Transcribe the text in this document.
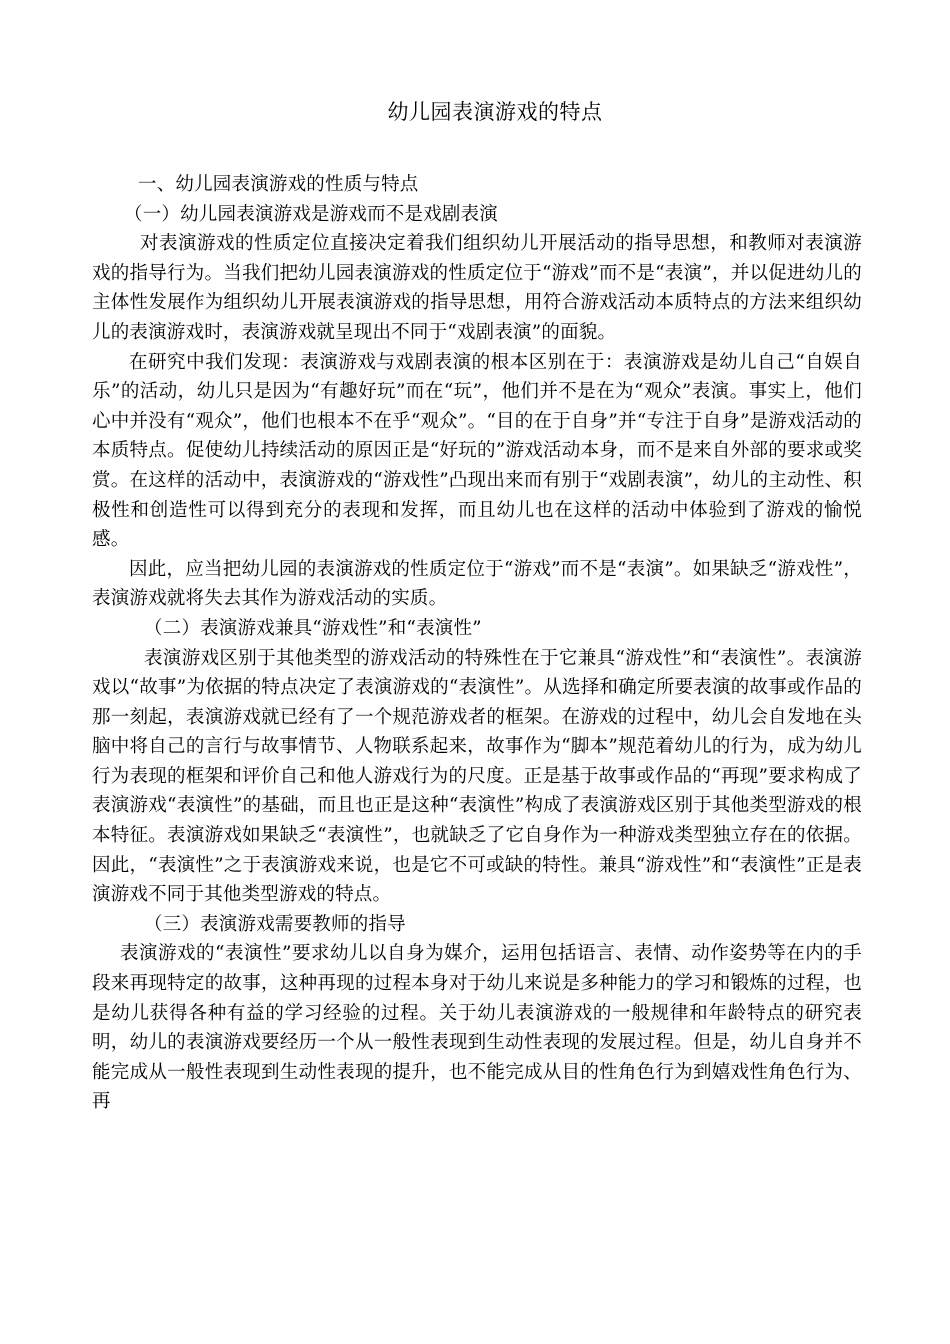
幼儿园表演游戏的特点

一、幼儿园表演游戏的性质与特点

（一）幼儿园表演游戏是游戏而不是戏剧表演

对表演游戏的性质定位直接决定着我们组织幼儿开展活动的指导思想，和教师对表演游戏的指导行为。当我们把幼儿园表演游戏的性质定位于“游戏”而不是“表演”，并以促进幼儿的主体性发展作为组织幼儿开展表演游戏的指导思想，用符合游戏活动本质特点的方法来组织幼儿的表演游戏时，表演游戏就呈现出不同于“戏剧表演”的面貌。

在研究中我们发现：表演游戏与戏剧表演的根本区别在于：表演游戏是幼儿自己“自娱自乐”的活动，幼儿只是因为“有趣好玩”而在“玩”，他们并不是在为“观众”表演。事实上，他们心中并没有“观众”，他们也根本不在乎“观众”。“目的在于自身”并“专注于自身”是游戏活动的本质特点。促使幼儿持续活动的原因正是“好玩的”游戏活动本身，而不是来自外部的要求或奖赏。在这样的活动中，表演游戏的“游戏性”凸现出来而有别于“戏剧表演”，幼儿的主动性、积极性和创造性可以得到充分的表现和发挥，而且幼儿也在这样的活动中体验到了游戏的愉悦感。

因此，应当把幼儿园的表演游戏的性质定位于“游戏”而不是“表演”。如果缺乏“游戏性”，表演游戏就将失去其作为游戏活动的实质。

（二）表演游戏兼具“游戏性”和“表演性”

表演游戏区别于其他类型的游戏活动的特殊性在于它兼具“游戏性”和“表演性”。表演游戏以“故事”为依据的特点决定了表演游戏的“表演性”。从选择和确定所要表演的故事或作品的那一刻起，表演游戏就已经有了一个规范游戏者的框架。在游戏的过程中，幼儿会自发地在头脑中将自己的言行与故事情节、人物联系起来，故事作为“脚本”规范着幼儿的行为，成为幼儿行为表现的框架和评价自己和他人游戏行为的尺度。正是基于故事或作品的“再现”要求构成了表演游戏“表演性”的基础，而且也正是这种“表演性”构成了表演游戏区别于其他类型游戏的根本特征。表演游戏如果缺乏“表演性”，也就缺乏了它自身作为一种游戏类型独立存在的依据。因此，“表演性”之于表演游戏来说，也是它不可或缺的特性。兼具“游戏性”和“表演性”正是表演游戏不同于其他类型游戏的特点。

（三）表演游戏需要教师的指导

表演游戏的“表演性”要求幼儿以自身为媒介，运用包括语言、表情、动作姿势等在内的手段来再现特定的故事，这种再现的过程本身对于幼儿来说是多种能力的学习和锻炼的过程，也是幼儿获得各种有益的学习经验的过程。关于幼儿表演游戏的一般规律和年龄特点的研究表明，幼儿的表演游戏要经历一个从一般性表现到生动性表现的发展过程。但是，幼儿自身并不能完成从一般性表现到生动性表现的提升，也不能完成从目的性角色行为到嬉戏性角色行为、再
